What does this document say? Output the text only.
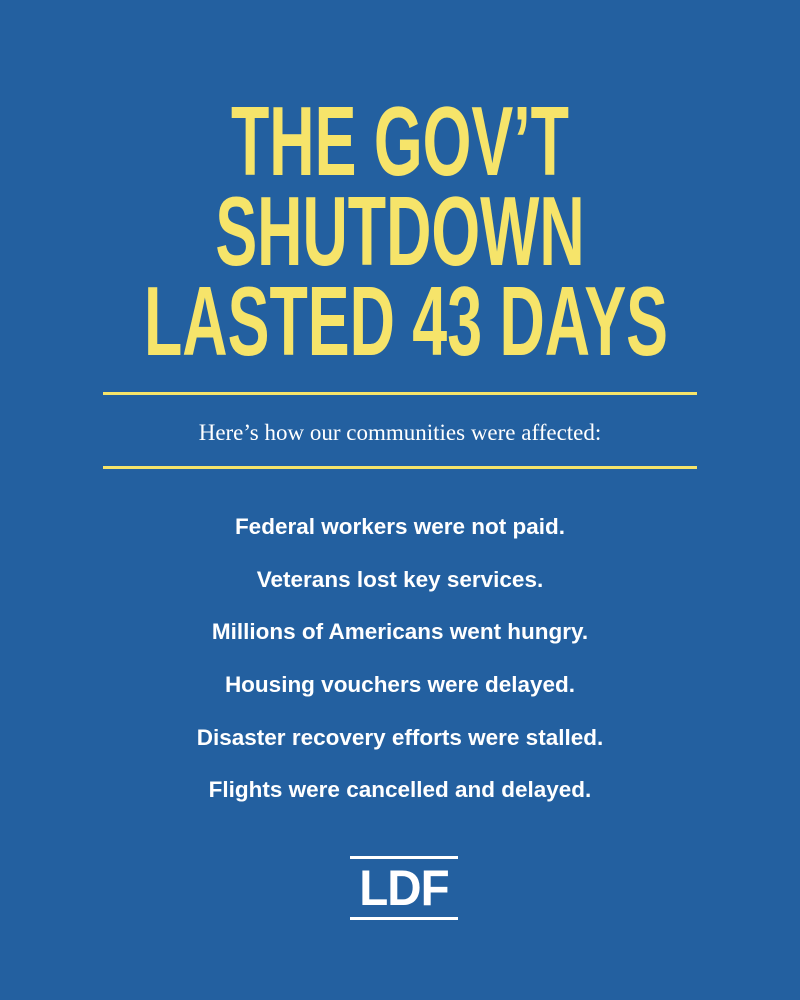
THE GOV’T
SHUTDOWN
LASTED 43 DAYS
Here’s how our communities were affected:
Federal workers were not paid.
Veterans lost key services.
Millions of Americans went hungry.
Housing vouchers were delayed.
Disaster recovery efforts were stalled.
Flights were cancelled and delayed.
LDF
